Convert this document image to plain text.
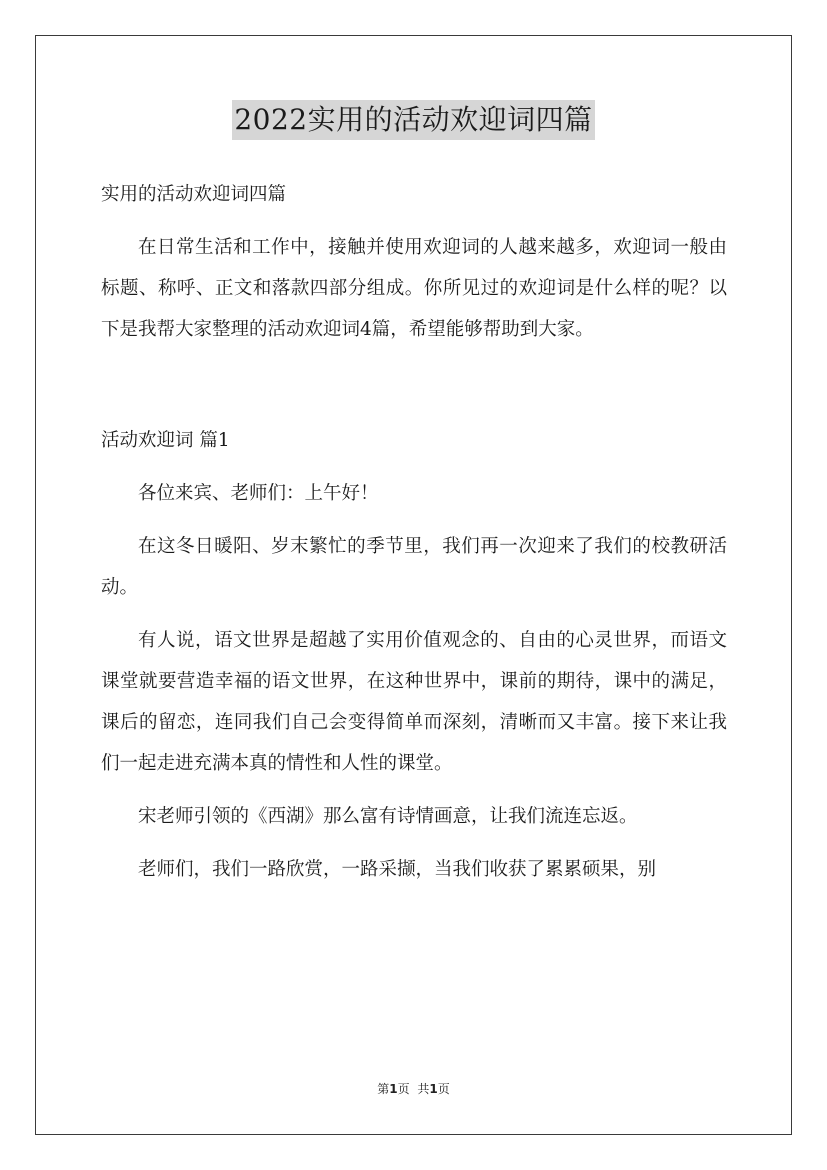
2022实用的活动欢迎词四篇

实用的活动欢迎词四篇

在日常生活和工作中，接触并使用欢迎词的人越来越多，欢迎词一般由标题、称呼、正文和落款四部分组成。你所见过的欢迎词是什么样的呢？以下是我帮大家整理的活动欢迎词4篇，希望能够帮助到大家。

活动欢迎词 篇1

各位来宾、老师们：上午好！

在这冬日暖阳、岁末繁忙的季节里，我们再一次迎来了我们的校教研活动。

有人说，语文世界是超越了实用价值观念的、自由的心灵世界，而语文课堂就要营造幸福的语文世界，在这种世界中，课前的期待，课中的满足，课后的留恋，连同我们自己会变得简单而深刻，清晰而又丰富。接下来让我们一起走进充满本真的情性和人性的课堂。

宋老师引领的《西湖》那么富有诗情画意，让我们流连忘返。

老师们，我们一路欣赏，一路采撷，当我们收获了累累硕果，别

第1页 共1页
